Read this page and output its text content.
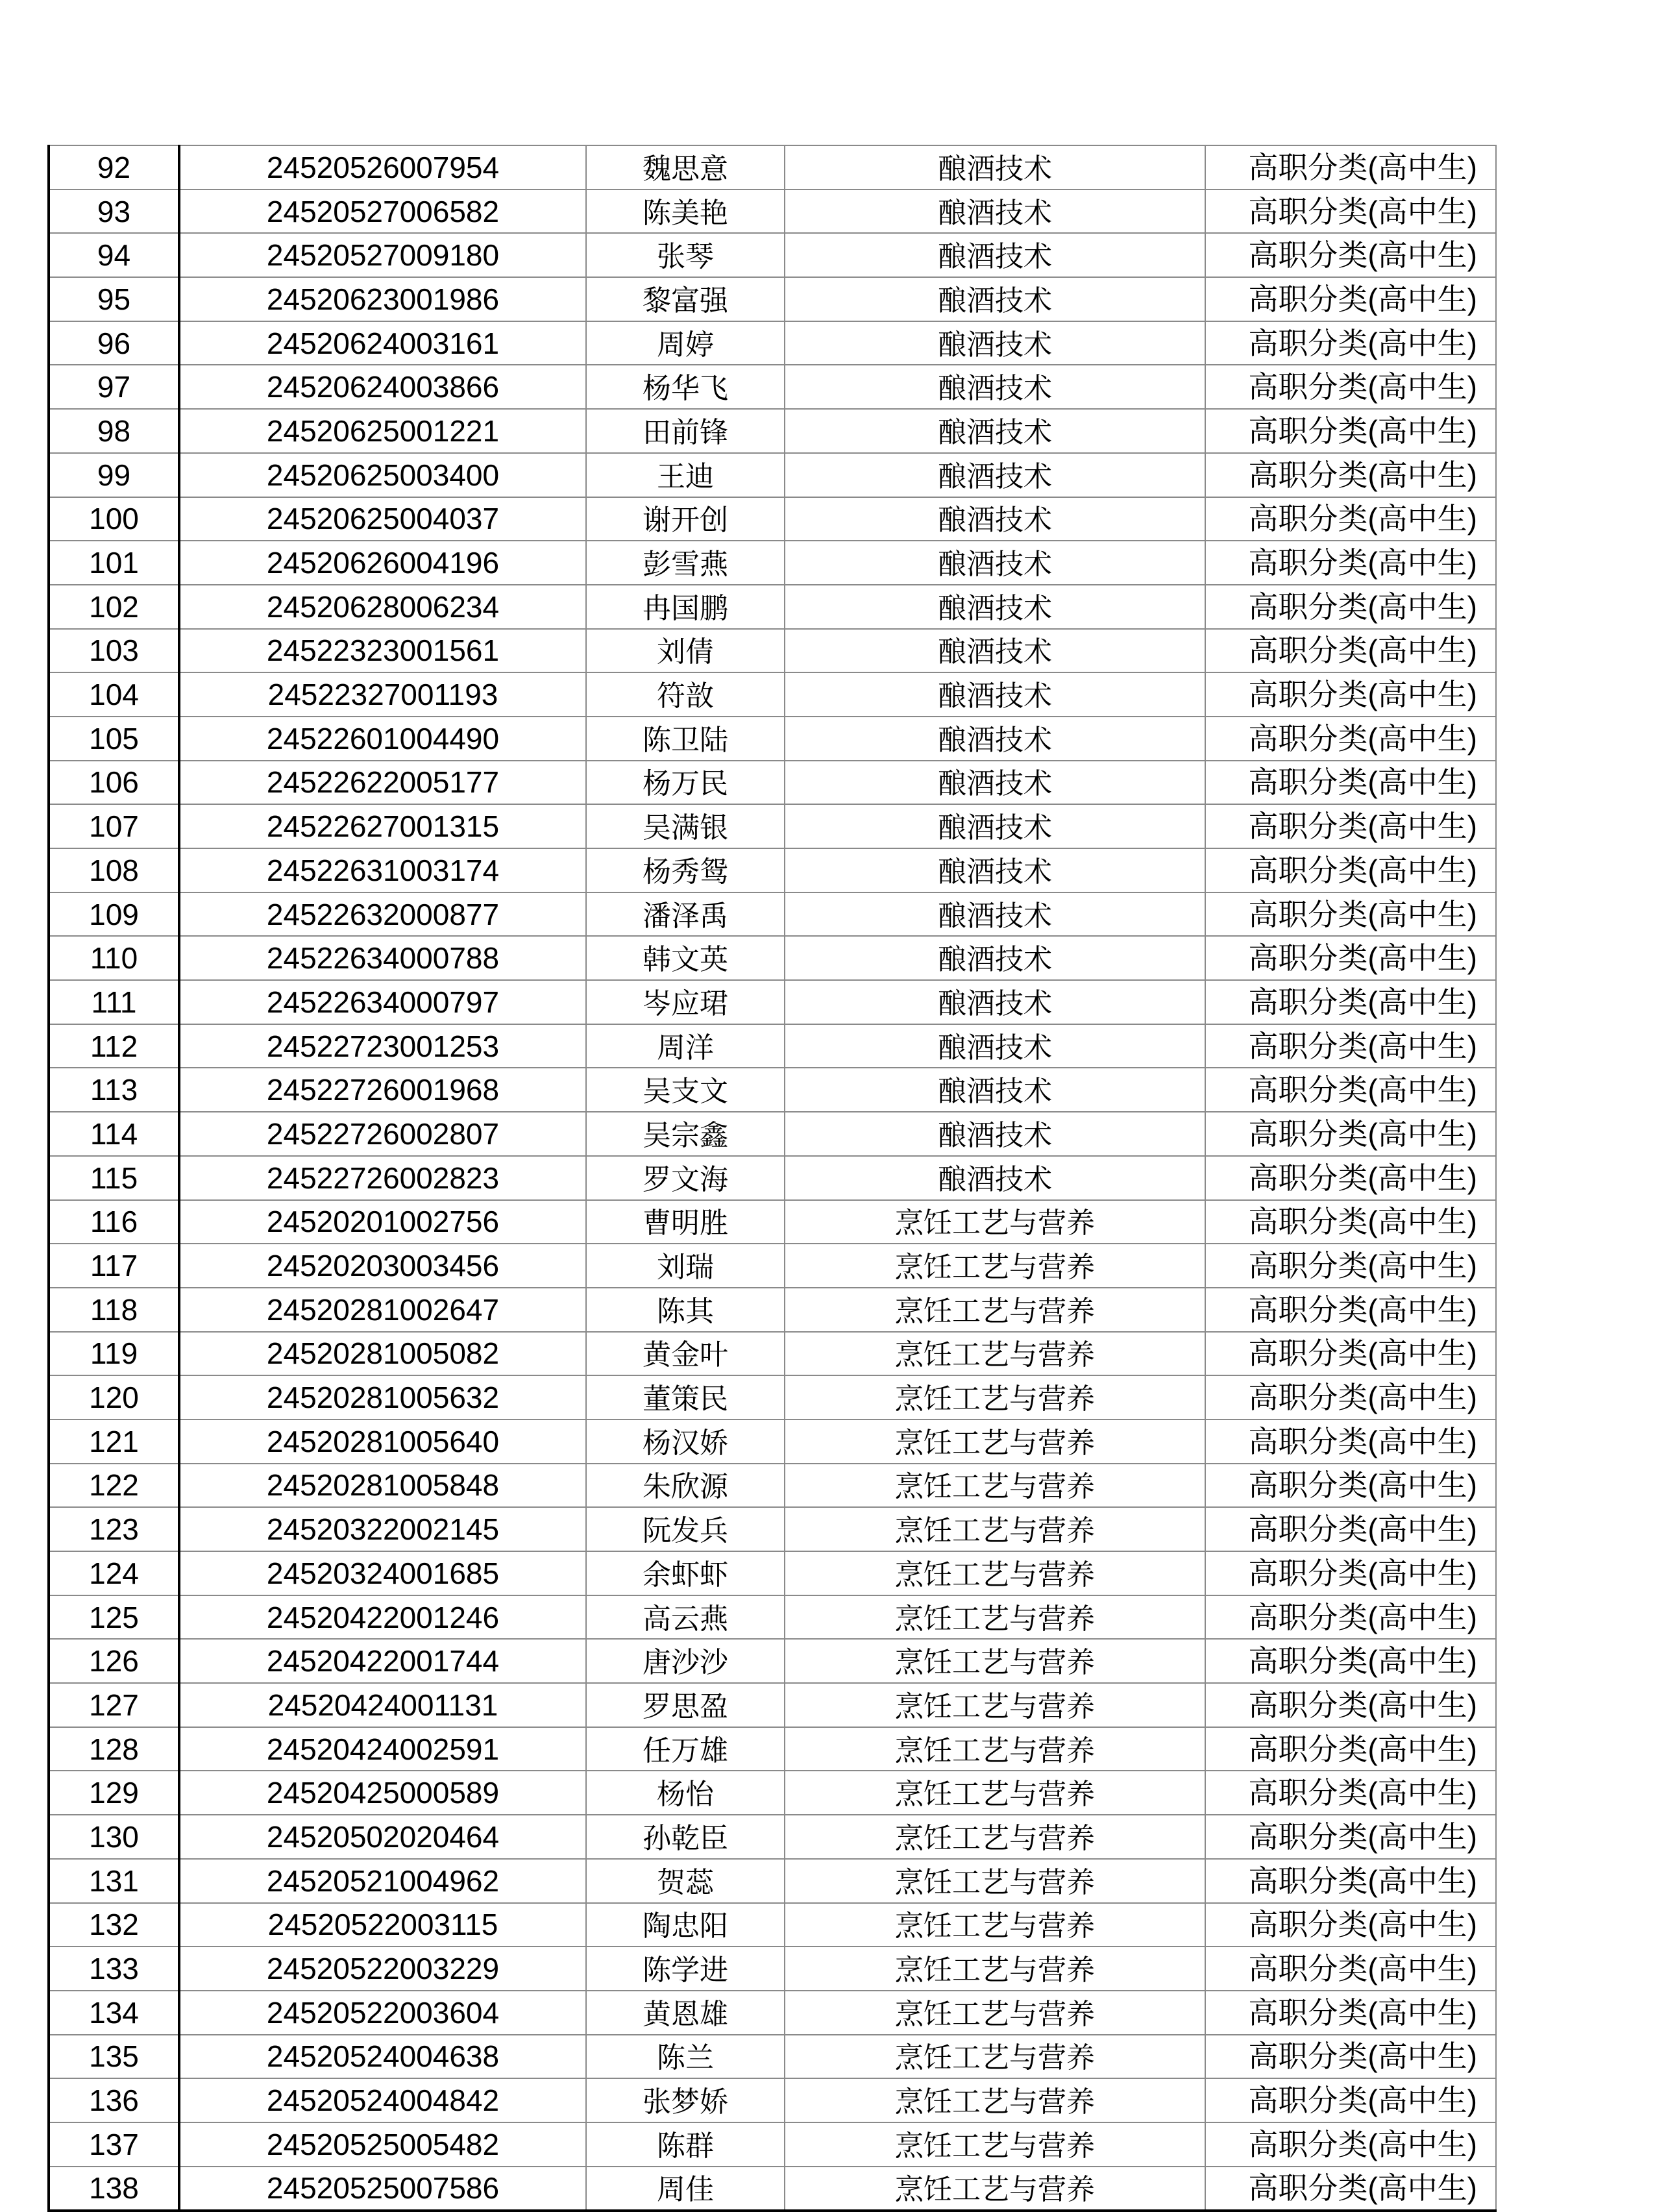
92	24520526007954	魏思意	酿酒技术	高职分类(高中生)
93	24520527006582	陈美艳	酿酒技术	高职分类(高中生)
94	24520527009180	张琴	酿酒技术	高职分类(高中生)
95	24520623001986	黎富强	酿酒技术	高职分类(高中生)
96	24520624003161	周婷	酿酒技术	高职分类(高中生)
97	24520624003866	杨华飞	酿酒技术	高职分类(高中生)
98	24520625001221	田前锋	酿酒技术	高职分类(高中生)
99	24520625003400	王迪	酿酒技术	高职分类(高中生)
100	24520625004037	谢开创	酿酒技术	高职分类(高中生)
101	24520626004196	彭雪燕	酿酒技术	高职分类(高中生)
102	24520628006234	冉国鹏	酿酒技术	高职分类(高中生)
103	24522323001561	刘倩	酿酒技术	高职分类(高中生)
104	24522327001193	符敨	酿酒技术	高职分类(高中生)
105	24522601004490	陈卫陆	酿酒技术	高职分类(高中生)
106	24522622005177	杨万民	酿酒技术	高职分类(高中生)
107	24522627001315	吴满银	酿酒技术	高职分类(高中生)
108	24522631003174	杨秀鸳	酿酒技术	高职分类(高中生)
109	24522632000877	潘泽禹	酿酒技术	高职分类(高中生)
110	24522634000788	韩文英	酿酒技术	高职分类(高中生)
111	24522634000797	岑应珺	酿酒技术	高职分类(高中生)
112	24522723001253	周洋	酿酒技术	高职分类(高中生)
113	24522726001968	吴支文	酿酒技术	高职分类(高中生)
114	24522726002807	吴宗鑫	酿酒技术	高职分类(高中生)
115	24522726002823	罗文海	酿酒技术	高职分类(高中生)
116	24520201002756	曹明胜	烹饪工艺与营养	高职分类(高中生)
117	24520203003456	刘瑞	烹饪工艺与营养	高职分类(高中生)
118	24520281002647	陈其	烹饪工艺与营养	高职分类(高中生)
119	24520281005082	黄金叶	烹饪工艺与营养	高职分类(高中生)
120	24520281005632	董策民	烹饪工艺与营养	高职分类(高中生)
121	24520281005640	杨汉娇	烹饪工艺与营养	高职分类(高中生)
122	24520281005848	朱欣源	烹饪工艺与营养	高职分类(高中生)
123	24520322002145	阮发兵	烹饪工艺与营养	高职分类(高中生)
124	24520324001685	余虾虾	烹饪工艺与营养	高职分类(高中生)
125	24520422001246	高云燕	烹饪工艺与营养	高职分类(高中生)
126	24520422001744	唐沙沙	烹饪工艺与营养	高职分类(高中生)
127	24520424001131	罗思盈	烹饪工艺与营养	高职分类(高中生)
128	24520424002591	任万雄	烹饪工艺与营养	高职分类(高中生)
129	24520425000589	杨怡	烹饪工艺与营养	高职分类(高中生)
130	24520502020464	孙乾臣	烹饪工艺与营养	高职分类(高中生)
131	24520521004962	贺蕊	烹饪工艺与营养	高职分类(高中生)
132	24520522003115	陶忠阳	烹饪工艺与营养	高职分类(高中生)
133	24520522003229	陈学进	烹饪工艺与营养	高职分类(高中生)
134	24520522003604	黄恩雄	烹饪工艺与营养	高职分类(高中生)
135	24520524004638	陈兰	烹饪工艺与营养	高职分类(高中生)
136	24520524004842	张梦娇	烹饪工艺与营养	高职分类(高中生)
137	24520525005482	陈群	烹饪工艺与营养	高职分类(高中生)
138	24520525007586	周佳	烹饪工艺与营养	高职分类(高中生)
